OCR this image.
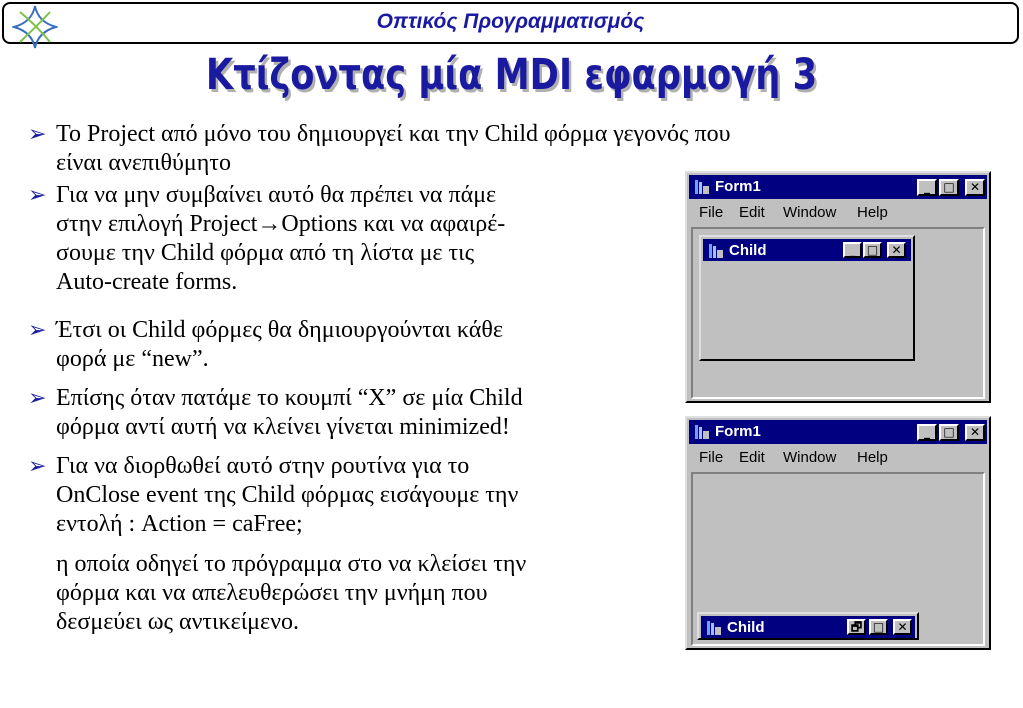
Οπτικός Προγραμματισμός
Κτίζοντας μία MDI εφαρμογή 3
➢ Το Project από μόνο του δημιουργεί και την Child φόρμα γεγονός που
είναι ανεπιθύμητο
➢ Για να μην συμβαίνει αυτό θα πρέπει να πάμε
στην επιλογή Project→Options και να αφαιρέ-
σουμε την Child φόρμα από τη λίστα με τις
Auto-create forms.
➢ Έτσι οι Child φόρμες θα δημιουργούνται κάθε
φορά με “new”.
➢ Επίσης όταν πατάμε το κουμπί “X” σε μία Child
φόρμα αντί αυτή να κλείνει γίνεται minimized!
➢ Για να διορθωθεί αυτό στην ρουτίνα για το
OnClose event της Child φόρμας εισάγουμε την
εντολή : Action = caFree;
η οποία οδηγεί το πρόγραμμα στο να κλείσει την
φόρμα και να απελευθερώσει την μνήμη που
δεσμεύει ως αντικείμενο.
Form1	_	□	✕
File Edit Window Help
Child	_ □	✕
Form1	_	□	✕
File Edit Window Help
Child	🗗 □	✕
